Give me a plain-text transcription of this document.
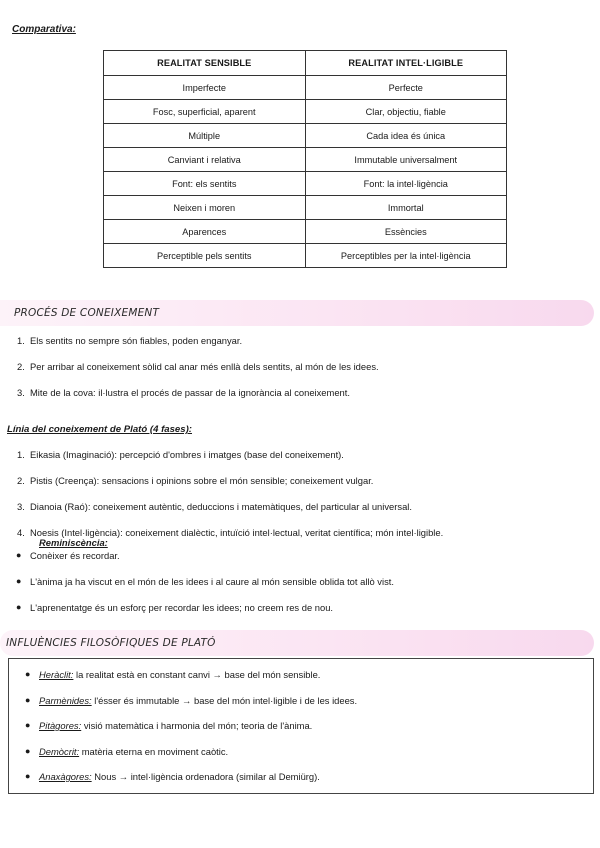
Comparativa:
REALITAT SENSIBLE	REALITAT INTEL·LIGIBLE
Imperfecte	Perfecte
Fosc, superficial, aparent	Clar, objectiu, fiable
Múltiple	Cada idea és única
Canviant i relativa	Immutable universalment
Font: els sentits	Font: la intel·ligència
Neixen i moren	Immortal
Aparences	Essències
Perceptible pels sentits	Perceptibles per la intel·ligència
PROCÉS DE CONEIXEMENT
1. Els sentits no sempre són fiables, poden enganyar.
2. Per arribar al coneixement sòlid cal anar més enllà dels sentits, al món de les idees.
3. Mite de la cova: il·lustra el procés de passar de la ignorància al coneixement.
Línia del coneixement de Plató (4 fases):
1. Eikasia (Imaginació): percepció d'ombres i imatges (base del coneixement).
2. Pistis (Creença): sensacions i opinions sobre el món sensible; coneixement vulgar.
3. Dianoia (Raó): coneixement autèntic, deduccions i matemàtiques, del particular al universal.
4. Noesis (Intel·ligència): coneixement dialèctic, intuïció intel·lectual, veritat científica; món intel·ligible.
Reminiscència:
● Conèixer és recordar.
● L'ànima ja ha viscut en el món de les idees i al caure al món sensible oblida tot allò vist.
● L'aprenentatge és un esforç per recordar les idees; no creem res de nou.
INFLUÈNCIES FILOSÒFIQUES DE PLATÓ
● Heràclit: la realitat està en constant canvi → base del món sensible.
● Parmènides: l'ésser és immutable → base del món intel·ligible i de les idees.
● Pitàgores: visió matemàtica i harmonia del món; teoria de l'ànima.
● Demòcrit: matèria eterna en moviment caòtic.
● Anaxàgores: Nous → intel·ligència ordenadora (similar al Demiürg).
